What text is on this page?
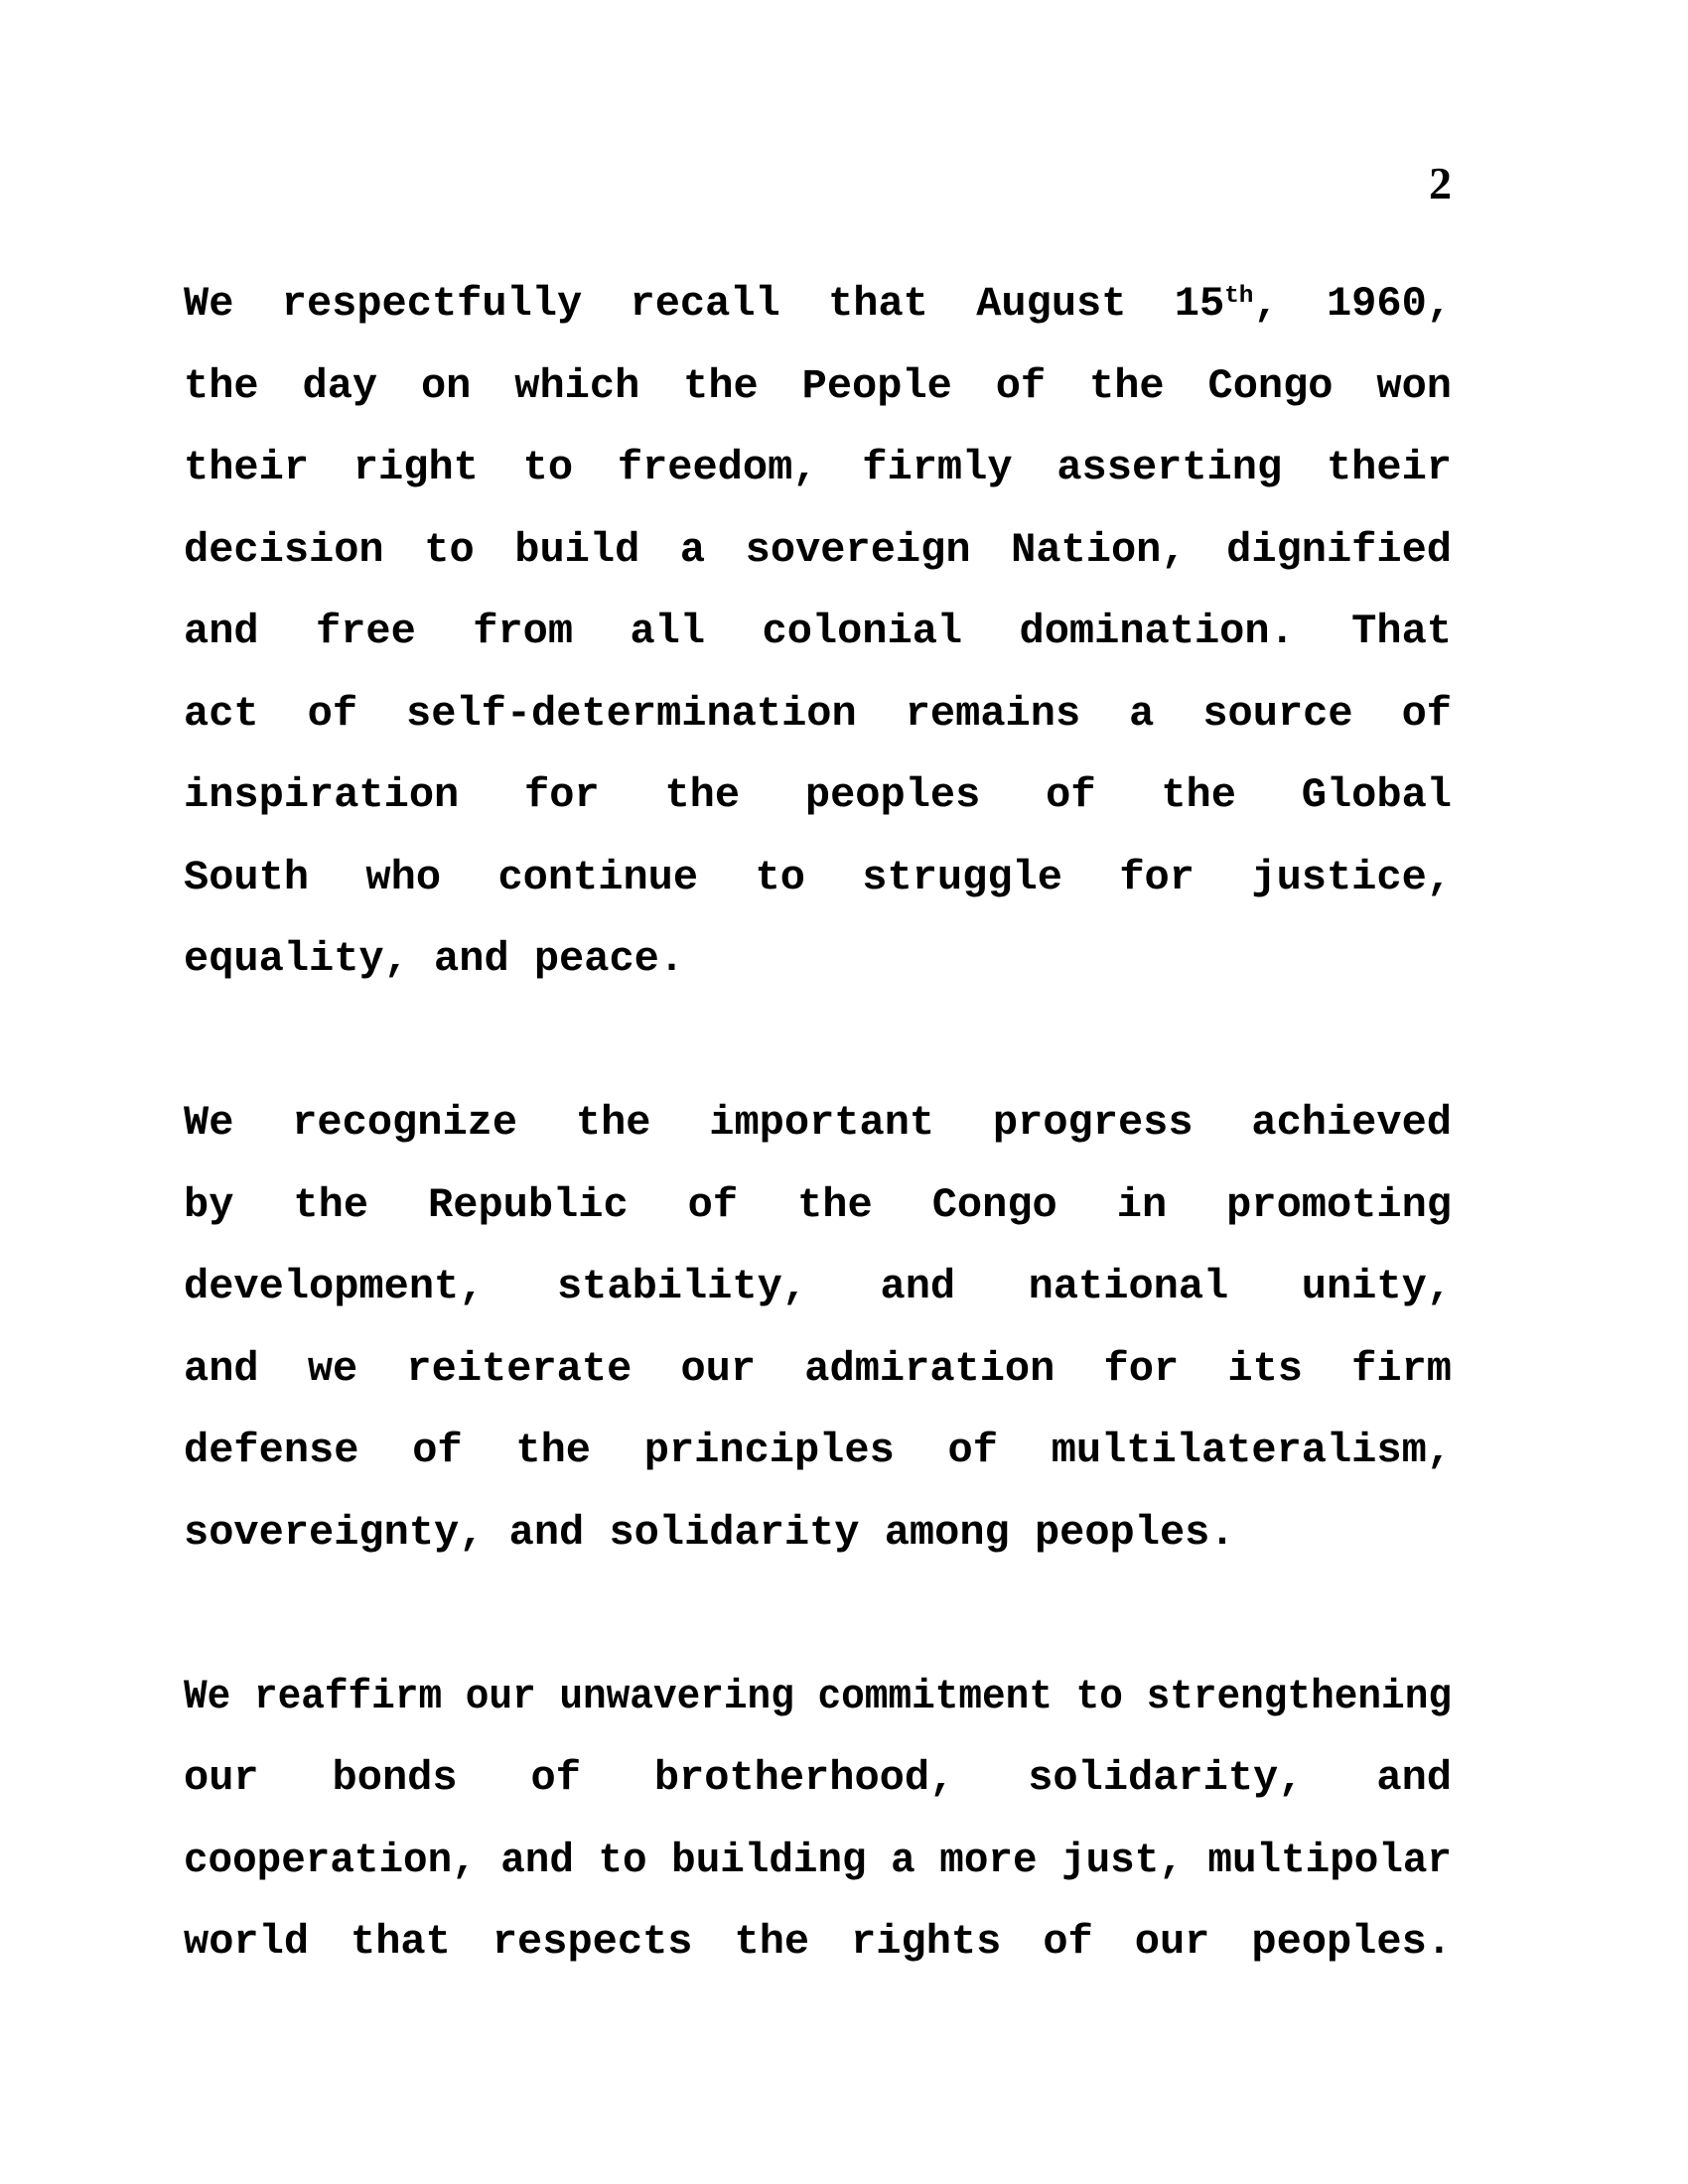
2
We respectfully recall that August 15th, 1960,
the day on which the People of the Congo won
their right to freedom, firmly asserting their
decision to build a sovereign Nation, dignified
and free from all colonial domination. That
act of self-determination remains a source of
inspiration for the peoples of the Global
South who continue to struggle for justice,
equality, and peace.
We recognize the important progress achieved
by the Republic of the Congo in promoting
development, stability, and national unity,
and we reiterate our admiration for its firm
defense of the principles of multilateralism,
sovereignty, and solidarity among peoples.
We reaffirm our unwavering commitment to strengthening
our bonds of brotherhood, solidarity, and
cooperation, and to building a more just, multipolar
world that respects the rights of our peoples.
